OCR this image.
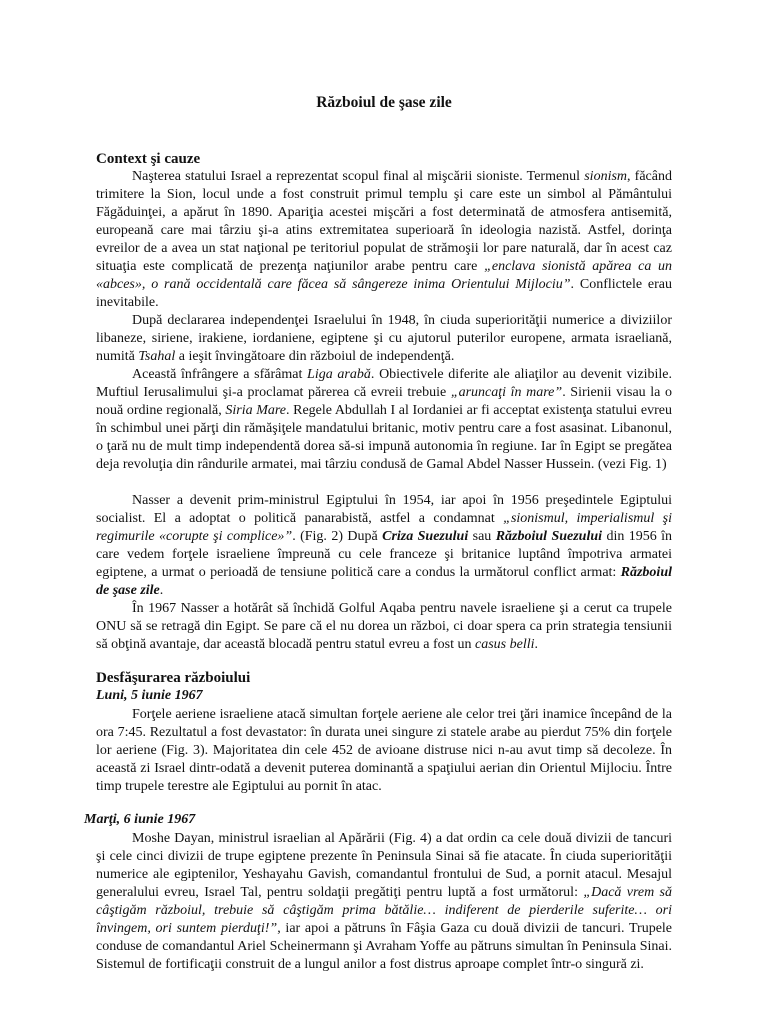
Războiul de şase zile
Context şi cauze

Naşterea statului Israel a reprezentat scopul final al mişcării sioniste. Termenul sionism, făcând trimitere la Sion, locul unde a fost construit primul templu şi care este un simbol al Pământului Făgăduinţei, a apărut în 1890. Apariţia acestei mişcări a fost determinată de atmosfera antisemită, europeană care mai târziu şi-a atins extremitatea superioară în ideologia nazistă. Astfel, dorinţa evreilor de a avea un stat naţional pe teritoriul populat de strămoşii lor pare naturală, dar în acest caz situaţia este complicată de prezenţa naţiunilor arabe pentru care „enclava sionistă apărea ca un «abces», o rană occidentală care făcea să sângereze inima Orientului Mijlociu”. Conflictele erau inevitabile.

După declararea independenţei Israelului în 1948, în ciuda superiorităţii numerice a diviziilor libaneze, siriene, irakiene, iordaniene, egiptene şi cu ajutorul puterilor europene, armata israeliană, numită Tsahal a ieşit învingătoare din războiul de independenţă.

Această înfrângere a sfărâmat Liga arabă. Obiectivele diferite ale aliaţilor au devenit vizibile. Muftiul Ierusalimului şi-a proclamat părerea că evreii trebuie „aruncaţi în mare”. Sirienii visau la o nouă ordine regională, Siria Mare. Regele Abdullah I al Iordaniei ar fi acceptat existenţa statului evreu în schimbul unei părţi din rămăşiţele mandatului britanic, motiv pentru care a fost asasinat. Libanonul, o ţară nu de mult timp independentă dorea să-si impună autonomia în regiune. Iar în Egipt se pregătea deja revoluţia din rândurile armatei, mai târziu condusă de Gamal Abdel Nasser Hussein. (vezi Fig. 1)

Nasser a devenit prim-ministrul Egiptului în 1954, iar apoi în 1956 preşedintele Egiptului socialist. El a adoptat o politică panarabistă, astfel a condamnat „sionismul, imperialismul şi regimurile «corupte şi complice»”. (Fig. 2) După Criza Suezului sau Războiul Suezului din 1956 în care vedem forţele israeliene împreună cu cele franceze şi britanice luptând împotriva armatei egiptene, a urmat o perioadă de tensiune politică care a condus la următorul conflict armat: Războiul de şase zile.

În 1967 Nasser a hotărât să închidă Golful Aqaba pentru navele israeliene şi a cerut ca trupele ONU să se retragă din Egipt. Se pare că el nu dorea un război, ci doar spera ca prin strategia tensiunii să obţină avantaje, dar această blocadă pentru statul evreu a fost un casus belli.

Desfăşurarea războiului
Luni, 5 iunie 1967

Forţele aeriene israeliene atacă simultan forţele aeriene ale celor trei ţări inamice începând de la ora 7:45. Rezultatul a fost devastator: în durata unei singure zi statele arabe au pierdut 75% din forţele lor aeriene (Fig. 3). Majoritatea din cele 452 de avioane distruse nici n-au avut timp să decoleze. În această zi Israel dintr-odată a devenit puterea dominantă a spaţiului aerian din Orientul Mijlociu. Între timp trupele terestre ale Egiptului au pornit în atac.

Marţi, 6 iunie 1967

Moshe Dayan, ministrul israelian al Apărării (Fig. 4) a dat ordin ca cele două divizii de tancuri şi cele cinci divizii de trupe egiptene prezente în Peninsula Sinai să fie atacate. În ciuda superiorităţii numerice ale egiptenilor, Yeshayahu Gavish, comandantul frontului de Sud, a pornit atacul. Mesajul generalului evreu, Israel Tal, pentru soldaţii pregătiţi pentru luptă a fost următorul: „Dacă vrem să câştigăm războiul, trebuie să câştigăm prima bătălie… indiferent de pierderile suferite… ori învingem, ori suntem pierduţi!”, iar apoi a pătruns în Fâşia Gaza cu două divizii de tancuri. Trupele conduse de comandantul Ariel Scheinermann şi Avraham Yoffe au pătruns simultan în Peninsula Sinai. Sistemul de fortificaţii construit de a lungul anilor a fost distrus aproape complet într-o singură zi.
